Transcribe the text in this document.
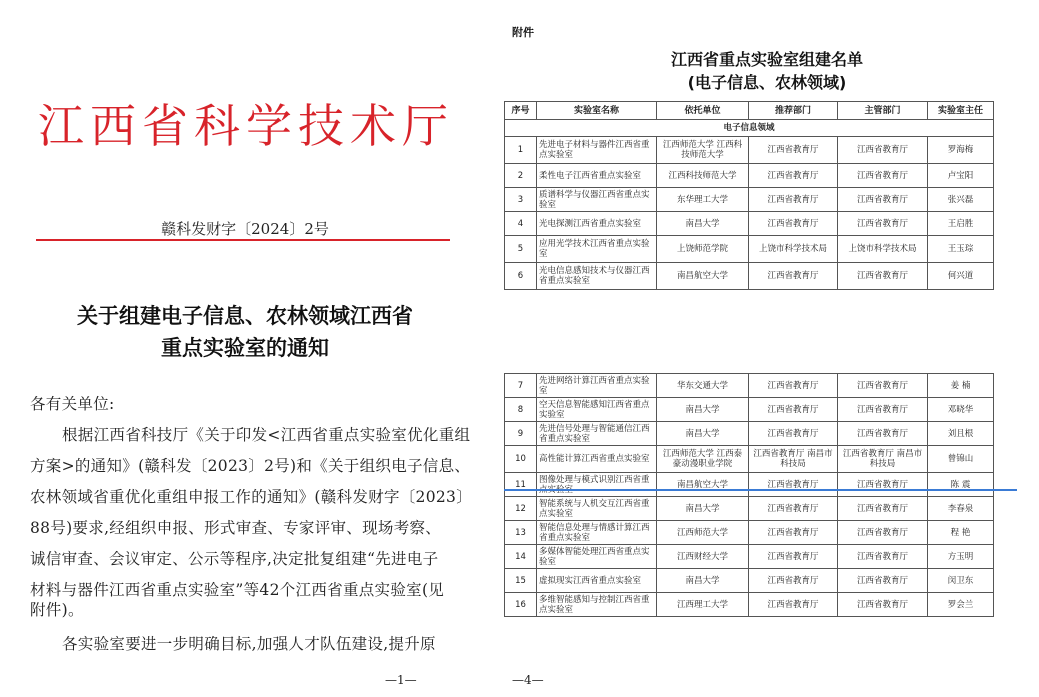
江西省科学技术厅
赣科发财字〔2024〕2号
关于组建电子信息、农林领域江西省
重点实验室的通知
各有关单位:
根据江西省科技厅《关于印发<江西省重点实验室优化重组
方案>的通知》(赣科发〔2023〕2号)和《关于组织电子信息、
农林领域省重优化重组申报工作的通知》(赣科发财字〔2023〕
88号)要求,经组织申报、形式审查、专家评审、现场考察、
诚信审查、会议审定、公示等程序,决定批复组建“先进电子
材料与器件江西省重点实验室”等42个江西省重点实验室(见
附件)。
各实验室要进一步明确目标,加强人才队伍建设,提升原
—1—
附件
江西省重点实验室组建名单
(电子信息、农林领域)
序号	实验室名称	依托单位	推荐部门	主管部门	实验室主任
电子信息领域					
1	先进电子材料与器件江西省重点实验室	江西师范大学 江西科技师范大学	江西省教育厅	江西省教育厅	罗海梅
2	柔性电子江西省重点实验室	江西科技师范大学	江西省教育厅	江西省教育厅	卢宝阳
3	质谱科学与仪器江西省重点实验室	东华理工大学	江西省教育厅	江西省教育厅	张兴磊
4	光电探测江西省重点实验室	南昌大学	江西省教育厅	江西省教育厅	王启胜
5	应用光学技术江西省重点实验室	上饶师范学院	上饶市科学技术局	上饶市科学技术局	王玉琮
6	光电信息感知技术与仪器江西省重点实验室	南昌航空大学	江西省教育厅	江西省教育厅	何兴道
7	先进网络计算江西省重点实验室	华东交通大学	江西省教育厅	江西省教育厅	姜 楠
8	空天信息智能感知江西省重点实验室	南昌大学	江西省教育厅	江西省教育厅	邓晓华
9	先进信号处理与智能通信江西省重点实验室	南昌大学	江西省教育厅	江西省教育厅	刘且根
10	高性能计算江西省重点实验室	江西师范大学 江西泰豪动漫职业学院	江西省教育厅 南昌市科技局	江西省教育厅 南昌市科技局	曾锦山
11	图像处理与模式识别江西省重	南昌航空大学	江西省教育厅	江西省教育厅	陈 震
12	智能系统与人机交互江西省重点实验室	南昌大学	江西省教育厅	江西省教育厅	李春泉
13	智能信息处理与情感计算江西省重点实验室	江西师范大学	江西省教育厅	江西省教育厅	程 艳
14	多媒体智能处理江西省重点实验室	江西财经大学	江西省教育厅	江西省教育厅	方玉明
15	虚拟现实江西省重点实验室	南昌大学	江西省教育厅	江西省教育厅	闵卫东
16	多维智能感知与控制江西省重点实验室	江西理工大学	江西省教育厅	江西省教育厅	罗会兰
—4—
